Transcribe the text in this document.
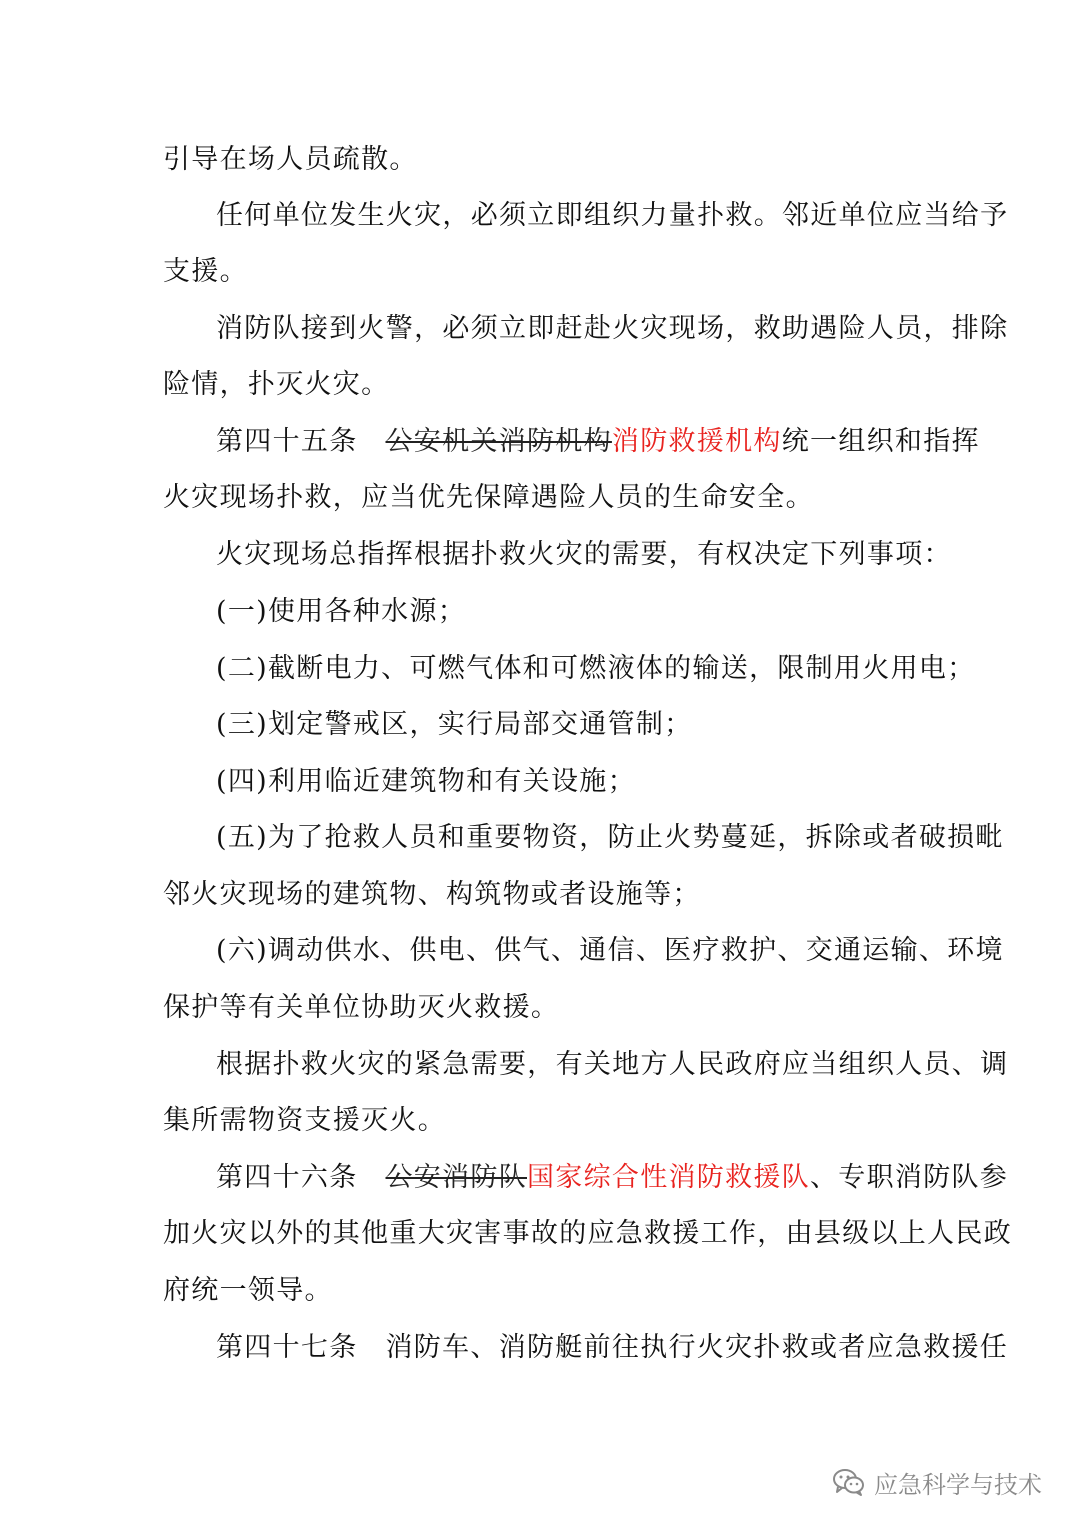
引导在场人员疏散。
任何单位发生火灾，必须立即组织力量扑救。邻近单位应当给予
支援。
消防队接到火警，必须立即赶赴火灾现场，救助遇险人员，排除
险情，扑灭火灾。
第四十五条 公安机关消防机构消防救援机构统一组织和指挥
火灾现场扑救，应当优先保障遇险人员的生命安全。
火灾现场总指挥根据扑救火灾的需要，有权决定下列事项：
(一)使用各种水源；
(二)截断电力、可燃气体和可燃液体的输送，限制用火用电；
(三)划定警戒区，实行局部交通管制；
(四)利用临近建筑物和有关设施；
(五)为了抢救人员和重要物资，防止火势蔓延，拆除或者破损毗
邻火灾现场的建筑物、构筑物或者设施等；
(六)调动供水、供电、供气、通信、医疗救护、交通运输、环境
保护等有关单位协助灭火救援。
根据扑救火灾的紧急需要，有关地方人民政府应当组织人员、调
集所需物资支援灭火。
第四十六条 公安消防队国家综合性消防救援队、专职消防队参
加火灾以外的其他重大灾害事故的应急救援工作，由县级以上人民政
府统一领导。
第四十七条 消防车、消防艇前往执行火灾扑救或者应急救援任
应急科学与技术
